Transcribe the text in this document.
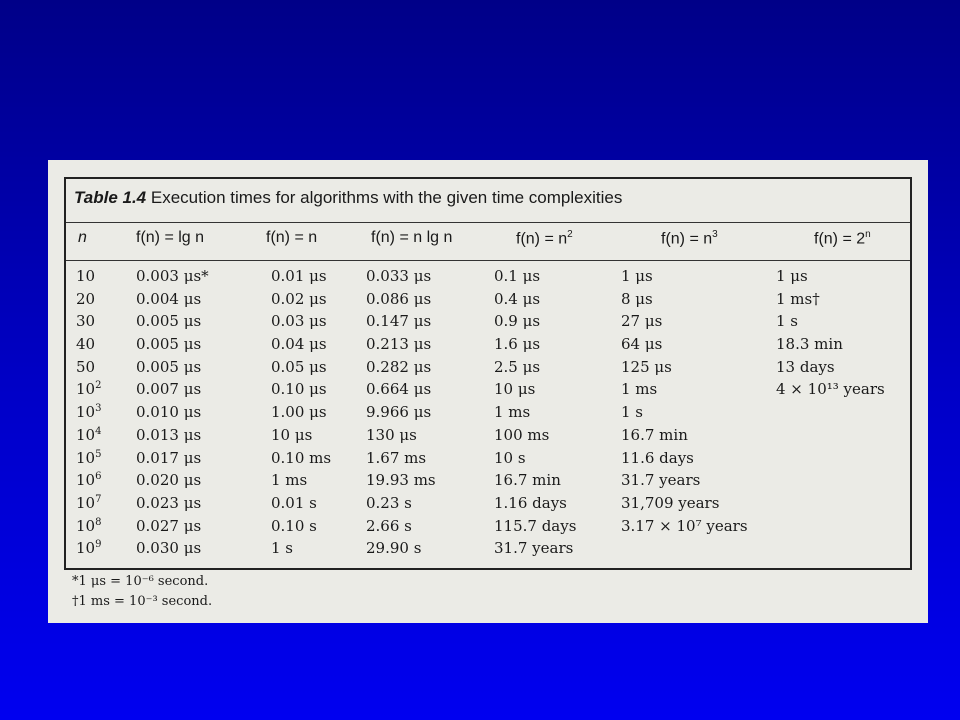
Table 1.4 Execution times for algorithms with the given time complexities
n	f(n) = lg n	f(n) = n	f(n) = n lg n	$f(n) = n^2$	$f(n) = n^3$	$f(n) = 2^n$
10	0.003 μs*	0.01 μs	0.033 μs	0.1 μs	1 μs	1 μs
20	0.004 μs	0.02 μs	0.086 μs	0.4 μs	8 μs	1 ms†
30	0.005 μs	0.03 μs	0.147 μs	0.9 μs	27 μs	1 s
40	0.005 μs	0.04 μs	0.213 μs	1.6 μs	64 μs	18.3 min
50	0.005 μs	0.05 μs	0.282 μs	2.5 μs	125 μs	13 days
$10^2$ 0.007 μs	0.10 μs	0.664 μs	10 μs	1 ms	4 × 10¹³ years
$10^3$ 0.010 μs	1.00 μs	9.966 μs	1 ms	1 s
$10^4$ 0.013 μs	10 μs	130 μs	100 ms	16.7 min
$10^5$ 0.017 μs	0.10 ms 1.67 ms	10 s	11.6 days
$10^6$ 0.020 μs	1 ms	19.93 ms	16.7 min	31.7 years
$10^7$ 0.023 μs	0.01 s	0.23 s	1.16 days	31,709 years
$10^8$ 0.027 μs	0.10 s	2.66 s	115.7 days	3.17 × 10⁷ years
$10^9$ 0.030 μs	1 s	29.90 s	31.7 years
*1 μs = 10⁻⁶ second.
†1 ms = 10⁻³ second.
